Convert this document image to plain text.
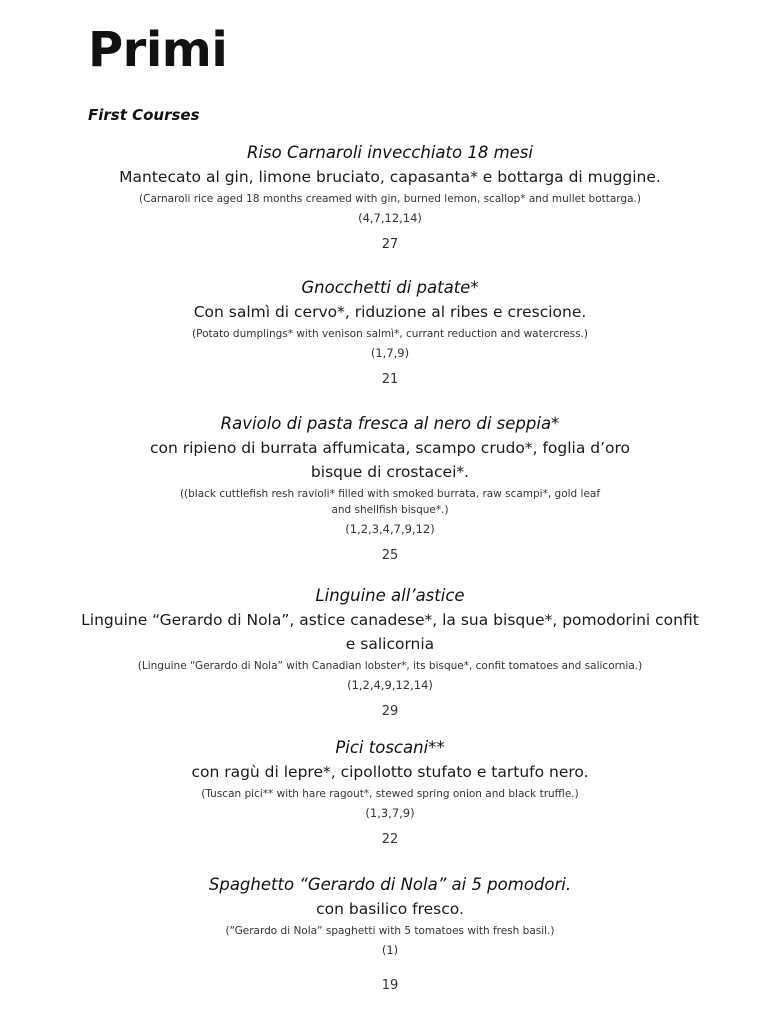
Primi
First Courses
Riso Carnaroli invecchiato 18 mesi
Mantecato al gin, limone bruciato, capasanta* e bottarga di muggine.
(Carnaroli rice aged 18 months creamed with gin, burned lemon, scallop* and mullet bottarga.)
(4,7,12,14)
27
Gnocchetti di patate*
Con salmì di cervo*, riduzione al ribes e crescione.
(Potato dumplings* with venison salmì*, currant reduction and watercress.)
(1,7,9)
21
Raviolo di pasta fresca al nero di seppia*
con ripieno di burrata affumicata, scampo crudo*, foglia d’oro
bisque di crostacei*.
((black cuttlefish resh ravioli* filled with smoked burrata, raw scampi*, gold leaf
and shellfish bisque*.)
(1,2,3,4,7,9,12)
25
Linguine all’astice
Linguine “Gerardo di Nola”, astice canadese*, la sua bisque*, pomodorini confit
e salicornia
(Linguine “Gerardo di Nola” with Canadian lobster*, its bisque*, confit tomatoes and salicornia.)
(1,2,4,9,12,14)
29
Pici toscani**
con ragù di lepre*, cipollotto stufato e tartufo nero.
(Tuscan pici** with hare ragout*, stewed spring onion and black truffle.)
(1,3,7,9)
22
Spaghetto “Gerardo di Nola” ai 5 pomodori.
con basilico fresco.
(“Gerardo di Nola” spaghetti with 5 tomatoes with fresh basil.)
(1)
19
